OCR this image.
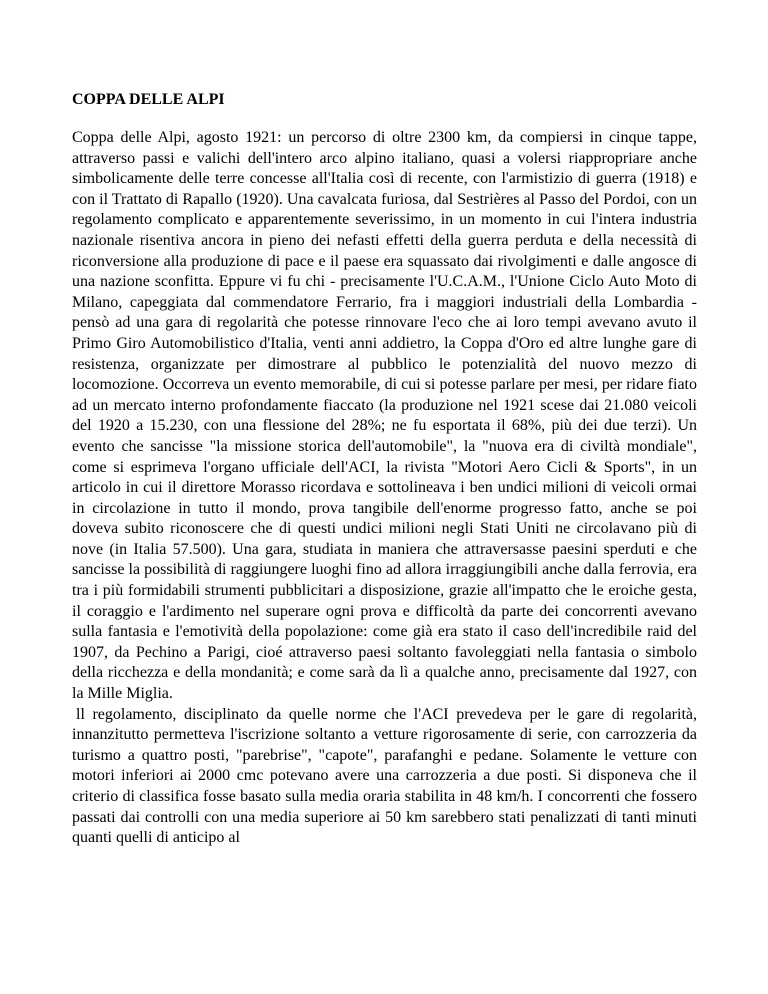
COPPA DELLE ALPI

Coppa delle Alpi, agosto 1921: un percorso di oltre 2300 km, da compiersi in cinque tappe, attraverso passi e valichi dell'intero arco alpino italiano, quasi a volersi riappropriare anche simbolicamente delle terre concesse all'Italia così di recente, con l'armistizio di guerra (1918) e con il Trattato di Rapallo (1920). Una cavalcata furiosa, dal Sestrières al Passo del Pordoi, con un regolamento complicato e apparentemente severissimo, in un momento in cui l'intera industria nazionale risentiva ancora in pieno dei nefasti effetti della guerra perduta e della necessità di riconversione alla produzione di pace e il paese era squassato dai rivolgimenti e dalle angosce di una nazione sconfitta. Eppure vi fu chi - precisamente l'U.C.A.M., l'Unione Ciclo Auto Moto di Milano, capeggiata dal commendatore Ferrario, fra i maggiori industriali della Lombardia - pensò ad una gara di regolarità che potesse rinnovare l'eco che ai loro tempi avevano avuto il Primo Giro Automobilistico d'Italia, venti anni addietro, la Coppa d'Oro ed altre lunghe gare di resistenza, organizzate per dimostrare al pubblico le potenzialità del nuovo mezzo di locomozione. Occorreva un evento memorabile, di cui si potesse parlare per mesi, per ridare fiato ad un mercato interno profondamente fiaccato (la produzione nel 1921 scese dai 21.080 veicoli del 1920 a 15.230, con una flessione del 28%; ne fu esportata il 68%, più dei due terzi). Un evento che sancisse "la missione storica dell'automobile", la "nuova era di civiltà mondiale", come si esprimeva l'organo ufficiale dell'ACI, la rivista "Motori Aero Cicli & Sports", in un articolo in cui il direttore Morasso ricordava e sottolineava i ben undici milioni di veicoli ormai in circolazione in tutto il mondo, prova tangibile dell'enorme progresso fatto, anche se poi doveva subito riconoscere che di questi undici milioni negli Stati Uniti ne circolavano più di nove (in Italia 57.500). Una gara, studiata in maniera che attraversasse paesini sperduti e che sancisse la possibilità di raggiungere luoghi fino ad allora irraggiungibili anche dalla ferrovia, era tra i più formidabili strumenti pubblicitari a disposizione, grazie all'impatto che le eroiche gesta, il coraggio e l'ardimento nel superare ogni prova e difficoltà da parte dei concorrenti avevano sulla fantasia e l'emotività della popolazione: come già era stato il caso dell'incredibile raid del 1907, da Pechino a Parigi, cioé attraverso paesi soltanto favoleggiati nella fantasia o simbolo della ricchezza e della mondanità; e come sarà da lì a qualche anno, precisamente dal 1927, con la Mille Miglia.

ll regolamento, disciplinato da quelle norme che l'ACI prevedeva per le gare di regolarità, innanzitutto permetteva l'iscrizione soltanto a vetture rigorosamente di serie, con carrozzeria da turismo a quattro posti, "parebrise", "capote", parafanghi e pedane. Solamente le vetture con motori inferiori ai 2000 cmc potevano avere una carrozzeria a due posti. Si disponeva che il criterio di classifica fosse basato sulla media oraria stabilita in 48 km/h. I concorrenti che fossero passati dai controlli con una media superiore ai 50 km sarebbero stati penalizzati di tanti minuti quanti quelli di anticipo al
